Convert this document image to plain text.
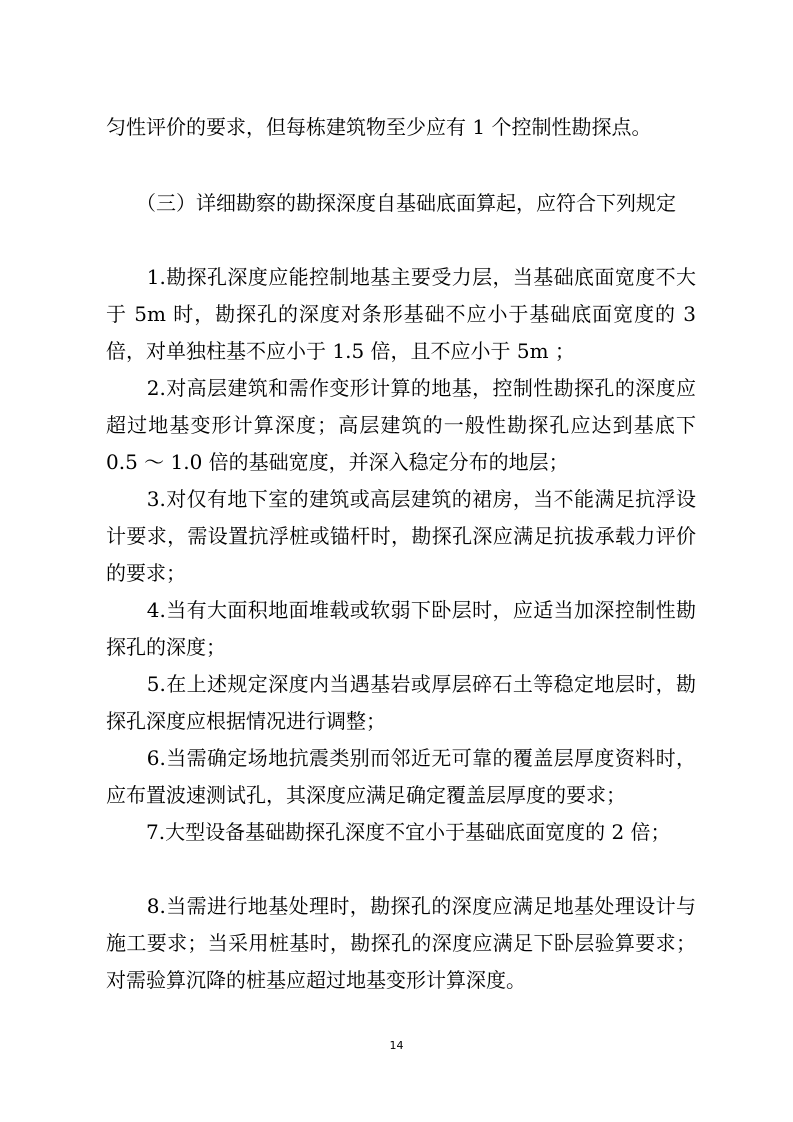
匀性评价的要求，但每栋建筑物至少应有 1 个控制性勘探点。
　　（三）详细勘察的勘探深度自基础底面算起，应符合下列规定
　　1.勘探孔深度应能控制地基主要受力层，当基础底面宽度不大于 5m 时，勘探孔的深度对条形基础不应小于基础底面宽度的 3 倍，对单独柱基不应小于 1.5 倍，且不应小于 5m ；
　　2.对高层建筑和需作变形计算的地基，控制性勘探孔的深度应超过地基变形计算深度；高层建筑的一般性勘探孔应达到基底下 0.5 ～ 1.0 倍的基础宽度，并深入稳定分布的地层；
　　3.对仅有地下室的建筑或高层建筑的裙房，当不能满足抗浮设计要求，需设置抗浮桩或锚杆时，勘探孔深应满足抗拔承载力评价的要求；
　　4.当有大面积地面堆载或软弱下卧层时，应适当加深控制性勘探孔的深度；
　　5.在上述规定深度内当遇基岩或厚层碎石土等稳定地层时，勘探孔深度应根据情况进行调整；
　　6.当需确定场地抗震类别而邻近无可靠的覆盖层厚度资料时，应布置波速测试孔，其深度应满足确定覆盖层厚度的要求；
　　7.大型设备基础勘探孔深度不宜小于基础底面宽度的 2 倍；
　　8.当需进行地基处理时，勘探孔的深度应满足地基处理设计与施工要求；当采用桩基时，勘探孔的深度应满足下卧层验算要求；对需验算沉降的桩基应超过地基变形计算深度。
14
